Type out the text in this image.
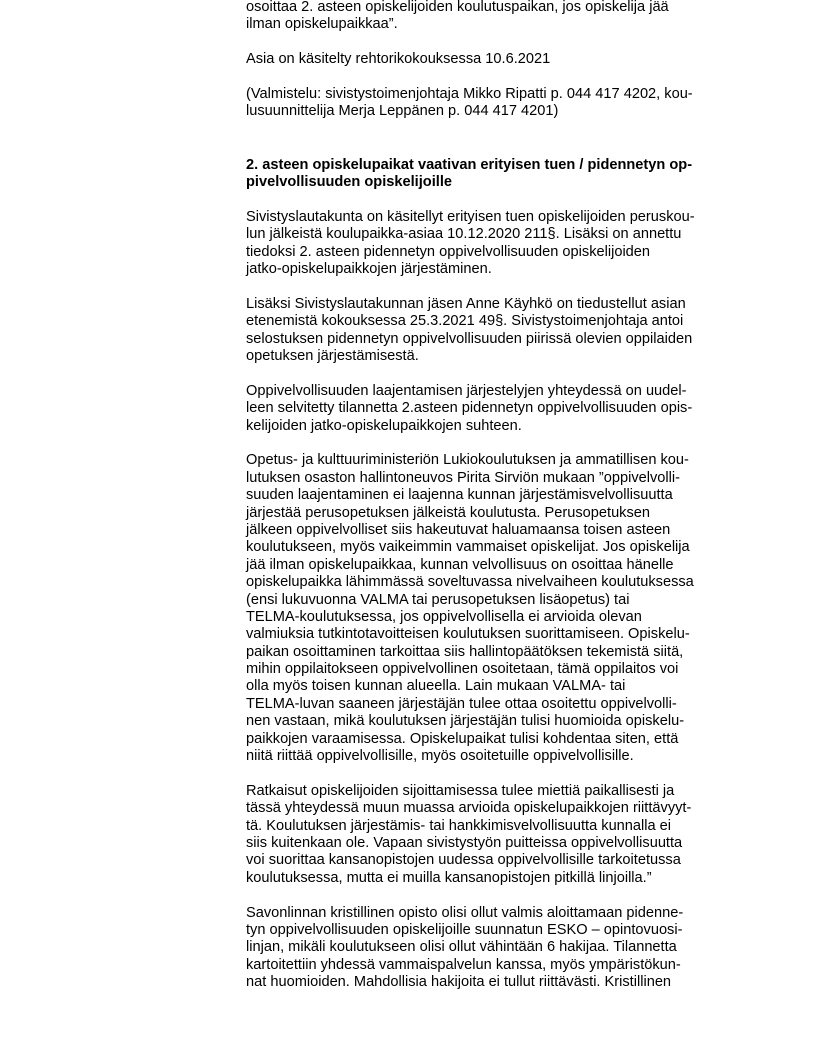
osoittaa 2. asteen opiskelijoiden koulutuspaikan, jos opiskelija jää
ilman opiskelupaikkaa”.
Asia on käsitelty rehtorikokouksessa 10.6.2021
(Valmistelu: sivistystoimenjohtaja Mikko Ripatti p. 044 417 4202, kou-
lusuunnittelija Merja Leppänen p. 044 417 4201)
2. asteen opiskelupaikat vaativan erityisen tuen / pidennetyn op-
pivelvollisuuden opiskelijoille
Sivistyslautakunta on käsitellyt erityisen tuen opiskelijoiden peruskou-
lun jälkeistä koulupaikka-asiaa 10.12.2020 211§. Lisäksi on annettu
tiedoksi 2. asteen pidennetyn oppivelvollisuuden opiskelijoiden
jatko-opiskelupaikkojen järjestäminen.
Lisäksi Sivistyslautakunnan jäsen Anne Käyhkö on tiedustellut asian
etenemistä kokouksessa 25.3.2021 49§. Sivistystoimenjohtaja antoi
selostuksen pidennetyn oppivelvollisuuden piirissä olevien oppilaiden
opetuksen järjestämisestä.
Oppivelvollisuuden laajentamisen järjestelyjen yhteydessä on uudel-
leen selvitetty tilannetta 2.asteen pidennetyn oppivelvollisuuden opis-
kelijoiden jatko-opiskelupaikkojen suhteen.
Opetus- ja kulttuuriministeriön Lukiokoulutuksen ja ammatillisen kou-
lutuksen osaston hallintoneuvos Pirita Sirviön mukaan ”oppivelvolli-
suuden laajentaminen ei laajenna kunnan järjestämisvelvollisuutta
järjestää perusopetuksen jälkeistä koulutusta. Perusopetuksen
jälkeen oppivelvolliset siis hakeutuvat haluamaansa toisen asteen
koulutukseen, myös vaikeimmin vammaiset opiskelijat. Jos opiskelija
jää ilman opiskelupaikkaa, kunnan velvollisuus on osoittaa hänelle
opiskelupaikka lähimmässä soveltuvassa nivelvaiheen koulutuksessa
(ensi lukuvuonna VALMA tai perusopetuksen lisäopetus) tai
TELMA-koulutuksessa, jos oppivelvollisella ei arvioida olevan
valmiuksia tutkintotavoitteisen koulutuksen suorittamiseen. Opiskelu-
paikan osoittaminen tarkoittaa siis hallintopäätöksen tekemistä siitä,
mihin oppilaitokseen oppivelvollinen osoitetaan, tämä oppilaitos voi
olla myös toisen kunnan alueella. Lain mukaan VALMA- tai
TELMA-luvan saaneen järjestäjän tulee ottaa osoitettu oppivelvolli-
nen vastaan, mikä koulutuksen järjestäjän tulisi huomioida opiskelu-
paikkojen varaamisessa. Opiskelupaikat tulisi kohdentaa siten, että
niitä riittää oppivelvollisille, myös osoitetuille oppivelvollisille.
Ratkaisut opiskelijoiden sijoittamisessa tulee miettiä paikallisesti ja
tässä yhteydessä muun muassa arvioida opiskelupaikkojen riittävyyt-
tä. Koulutuksen järjestämis- tai hankkimisvelvollisuutta kunnalla ei
siis kuitenkaan ole. Vapaan sivistystyön puitteissa oppivelvollisuutta
voi suorittaa kansanopistojen uudessa oppivelvollisille tarkoitetussa
koulutuksessa, mutta ei muilla kansanopistojen pitkillä linjoilla.”
Savonlinnan kristillinen opisto olisi ollut valmis aloittamaan pidenne-
tyn oppivelvollisuuden opiskelijoille suunnatun ESKO – opintovuosi-
linjan, mikäli koulutukseen olisi ollut vähintään 6 hakijaa. Tilannetta
kartoitettiin yhdessä vammaispalvelun kanssa, myös ympäristökun-
nat huomioiden. Mahdollisia hakijoita ei tullut riittävästi. Kristillinen
